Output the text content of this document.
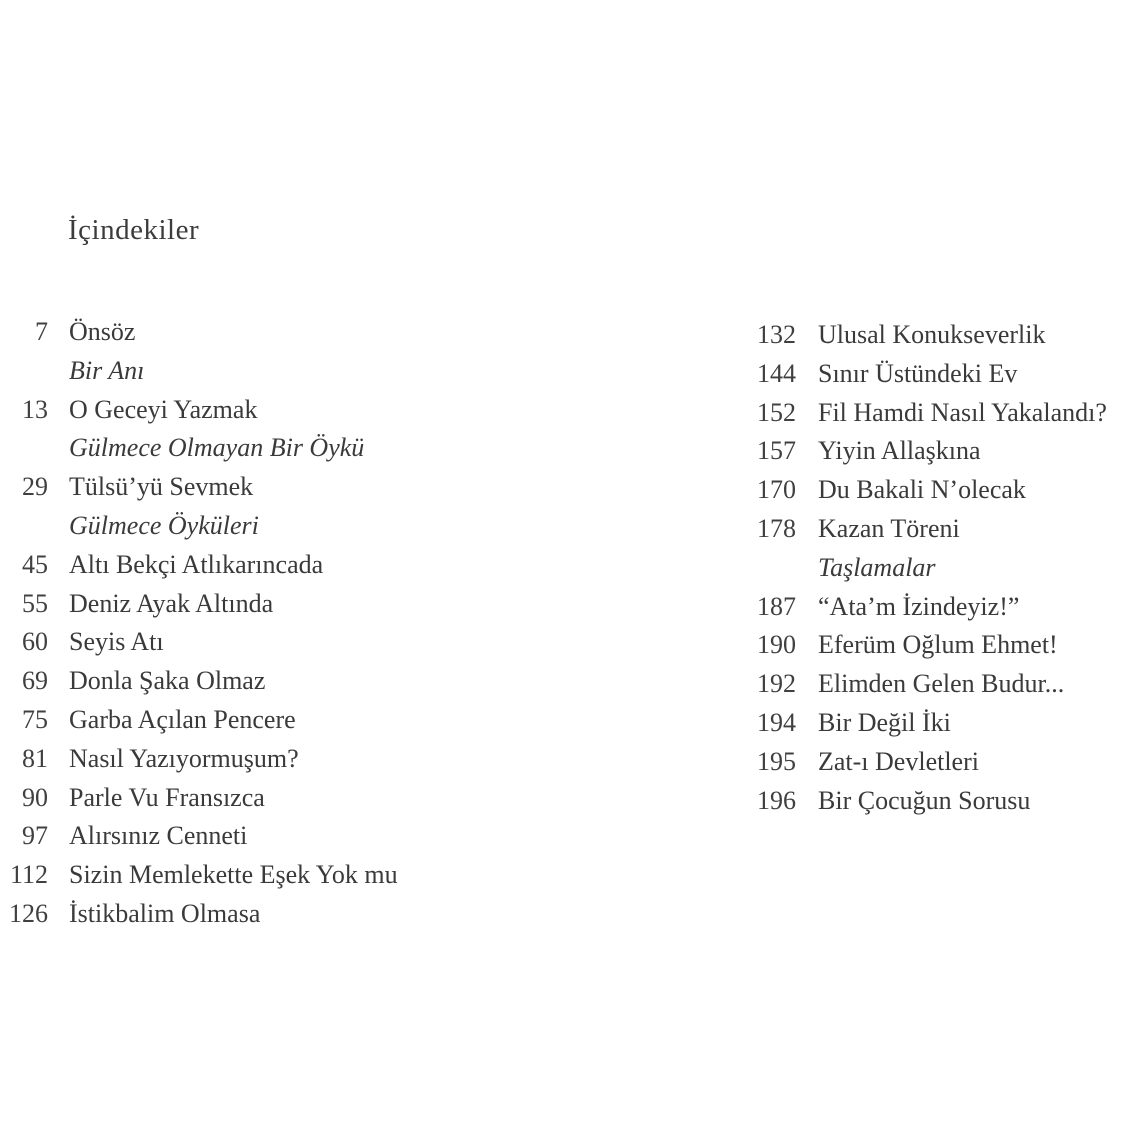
İçindekiler
7 Önsöz
Bir Anı
13 O Geceyi Yazmak
Gülmece Olmayan Bir Öykü
29 Tülsü’yü Sevmek
Gülmece Öyküleri
45 Altı Bekçi Atlıkarıncada
55 Deniz Ayak Altında
60 Seyis Atı
69 Donla Şaka Olmaz
75 Garba Açılan Pencere
81 Nasıl Yazıyormuşum?
90 Parle Vu Fransızca
97 Alırsınız Cenneti
112 Sizin Memlekette Eşek Yok mu
126 İstikbalim Olmasa
132 Ulusal Konukseverlik
144 Sınır Üstündeki Ev
152 Fil Hamdi Nasıl Yakalandı?
157 Yiyin Allaşkına
170 Du Bakali N’olecak
178 Kazan Töreni
Taşlamalar
187 “Ata’m İzindeyiz!”
190 Eferüm Oğlum Ehmet!
192 Elimden Gelen Budur...
194 Bir Değil İki
195 Zat-ı Devletleri
196 Bir Çocuğun Sorusu
